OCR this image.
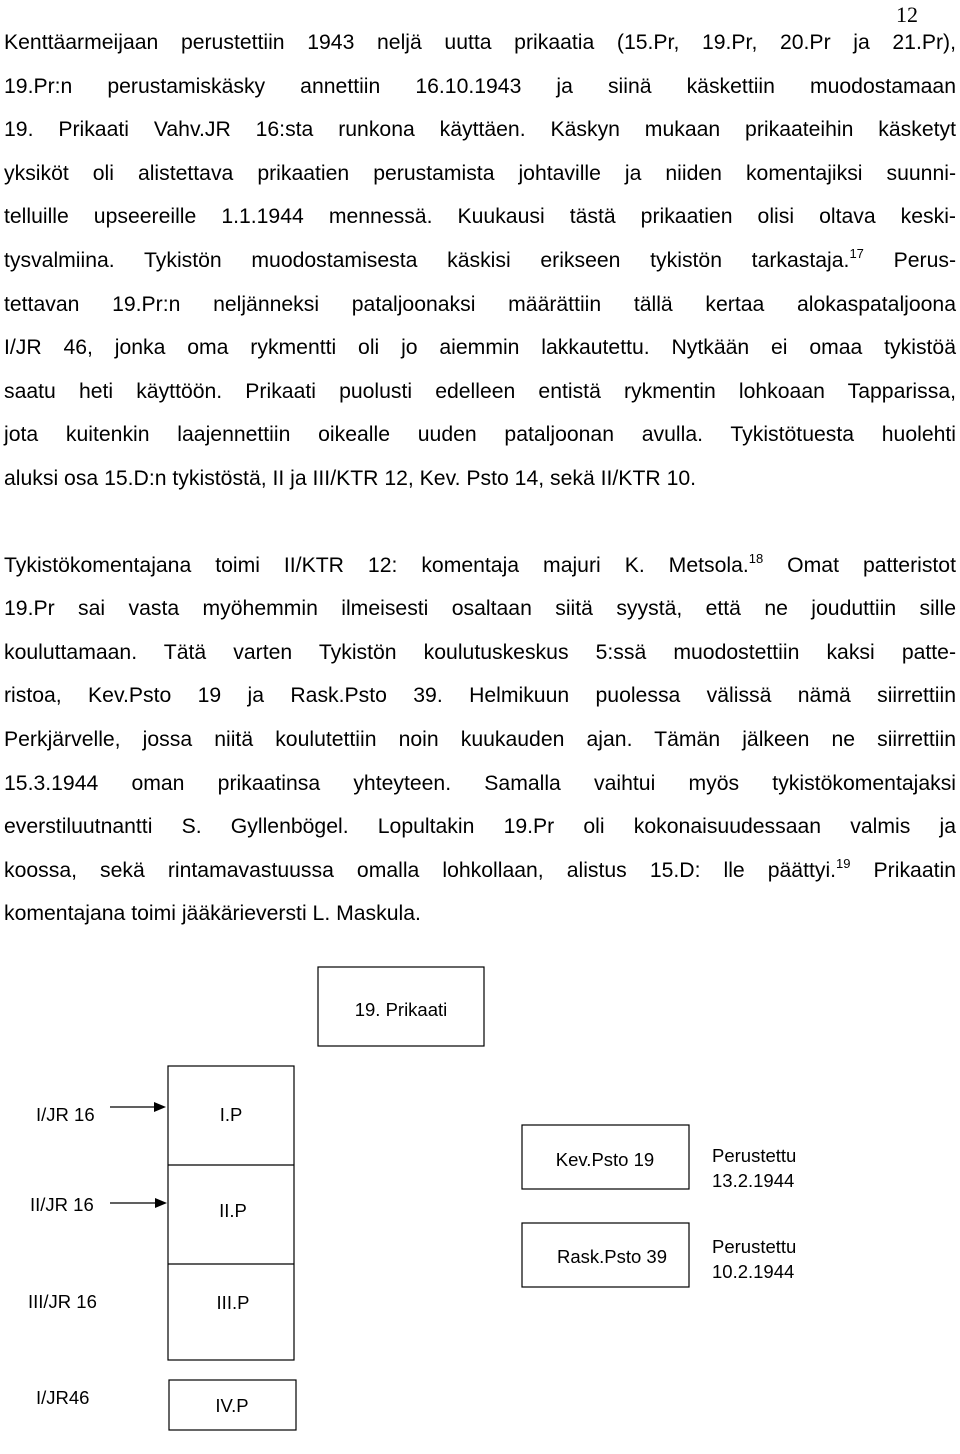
12
Kenttäarmeijaan perustettiin 1943 neljä uutta prikaatia (15.Pr, 19.Pr, 20.Pr ja 21.Pr),
19.Pr:n perustamiskäsky annettiin 16.10.1943 ja siinä käskettiin muodostamaan
19. Prikaati Vahv.JR 16:sta runkona käyttäen. Käskyn mukaan prikaateihin käsketyt
yksiköt oli alistettava prikaatien perustamista johtaville ja niiden komentajiksi suunni-
telluille upseereille 1.1.1944 mennessä. Kuukausi tästä prikaatien olisi oltava keski-
tysvalmiina. Tykistön muodostamisesta käskisi erikseen tykistön tarkastaja.$^{17}$ Perus-
tettavan 19.Pr:n neljänneksi pataljoonaksi määrättiin tällä kertaa alokaspataljoona
I/JR 46, jonka oma rykmentti oli jo aiemmin lakkautettu. Nytkään ei omaa tykistöä
saatu heti käyttöön. Prikaati puolusti edelleen entistä rykmentin lohkoaan Tapparissa,
jota kuitenkin laajennettiin oikealle uuden pataljoonan avulla. Tykistötuesta huolehti
aluksi osa 15.D:n tykistöstä, II ja III/KTR 12, Kev. Psto 14, sekä II/KTR 10.
Tykistökomentajana toimi II/KTR 12: komentaja majuri K. Metsola.$^{18}$ Omat patteristot
19.Pr sai vasta myöhemmin ilmeisesti osaltaan siitä syystä, että ne jouduttiin sille
kouluttamaan. Tätä varten Tykistön koulutuskeskus 5:ssä muodostettiin kaksi patte-
ristoa, Kev.Psto 19 ja Rask.Psto 39. Helmikuun puolessa välissä nämä siirrettiin
Perkjärvelle, jossa niitä koulutettiin noin kuukauden ajan. Tämän jälkeen ne siirrettiin
15.3.1944 oman prikaatinsa yhteyteen. Samalla vaihtui myös tykistökomentajaksi
everstiluutnantti S. Gyllenbögel. Lopultakin 19.Pr oli kokonaisuudessaan valmis ja
koossa, sekä rintamavastuussa omalla lohkollaan, alistus 15.D: lle päättyi.$^{19}$ Prikaatin
komentajana toimi jääkärieversti L. Maskula.
19. Prikaati
I/JR 16
II/JR 16
III/JR 16
I/JR46
I.P
II.P
III.P
IV.P
Kev.Psto 19
Rask.Psto 39
Perustettu
13.2.1944
Perustettu
10.2.1944
